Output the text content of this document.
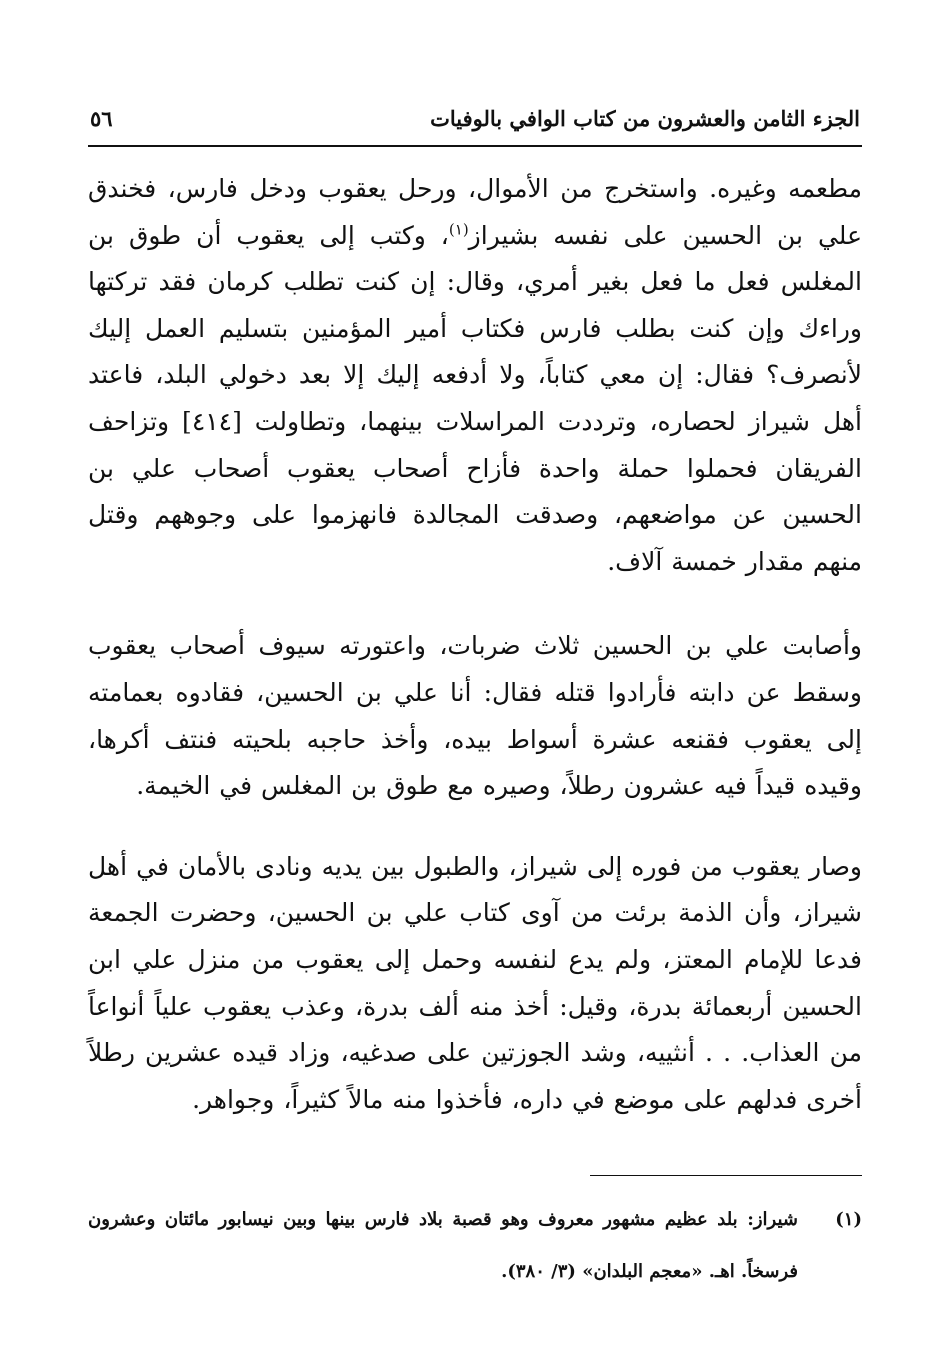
الجزء الثامن والعشرون من كتاب الوافي بالوفيات
٥٦

مطعمه وغيره. واستخرج من الأموال، ورحل يعقوب ودخل فارس، فخندق علي بن الحسين على نفسه بشيراز$^{(١)}$، وكتب إلى يعقوب أن طوق بن المغلس فعل ما فعل بغير أمري، وقال: إن كنت تطلب كرمان فقد تركتها وراءك وإن كنت بطلب فارس فكتاب أمير المؤمنين بتسليم العمل إليك لأنصرف؟ فقال: إن معي كتاباً، ولا أدفعه إليك إلا بعد دخولي البلد، فاعتد أهل شيراز لحصاره، وترددت المراسلات بينهما، وتطاولت [٤١٤] وتزاحف الفريقان فحملوا حملة واحدة فأزاح أصحاب يعقوب أصحاب علي بن الحسين عن مواضعهم، وصدقت المجالدة فانهزموا على وجوههم وقتل منهم مقدار خمسة آلاف.

وأصابت علي بن الحسين ثلاث ضربات، واعتورته سيوف أصحاب يعقوب وسقط عن دابته فأرادوا قتله فقال: أنا علي بن الحسين، فقادوه بعمامته إلى يعقوب فقنعه عشرة أسواط بيده، وأخذ حاجبه بلحيته فنتف أكرها، وقيده قيداً فيه عشرون رطلاً، وصيره مع طوق بن المغلس في الخيمة.

وصار يعقوب من فوره إلى شيراز، والطبول بين يديه ونادى بالأمان في أهل شيراز، وأن الذمة برئت من آوى كتاب علي بن الحسين، وحضرت الجمعة فدعا للإمام المعتز، ولم يدع لنفسه وحمل إلى يعقوب من منزل علي ابن الحسين أربعمائة بدرة، وقيل: أخذ منه ألف بدرة، وعذب يعقوب علياً أنواعاً من العذاب. . . أنثييه، وشد الجوزتين على صدغيه، وزاد قيده عشرين رطلاً أخرى فدلهم على موضع في داره، فأخذوا منه مالاً كثيراً، وجواهر.

(١)
شيراز: بلد عظيم مشهور معروف وهو قصبة بلاد فارس بينها وبين نيسابور مائتان وعشرون فرسخاً. اهـ. «معجم البلدان» (٣/ ٣٨٠).
